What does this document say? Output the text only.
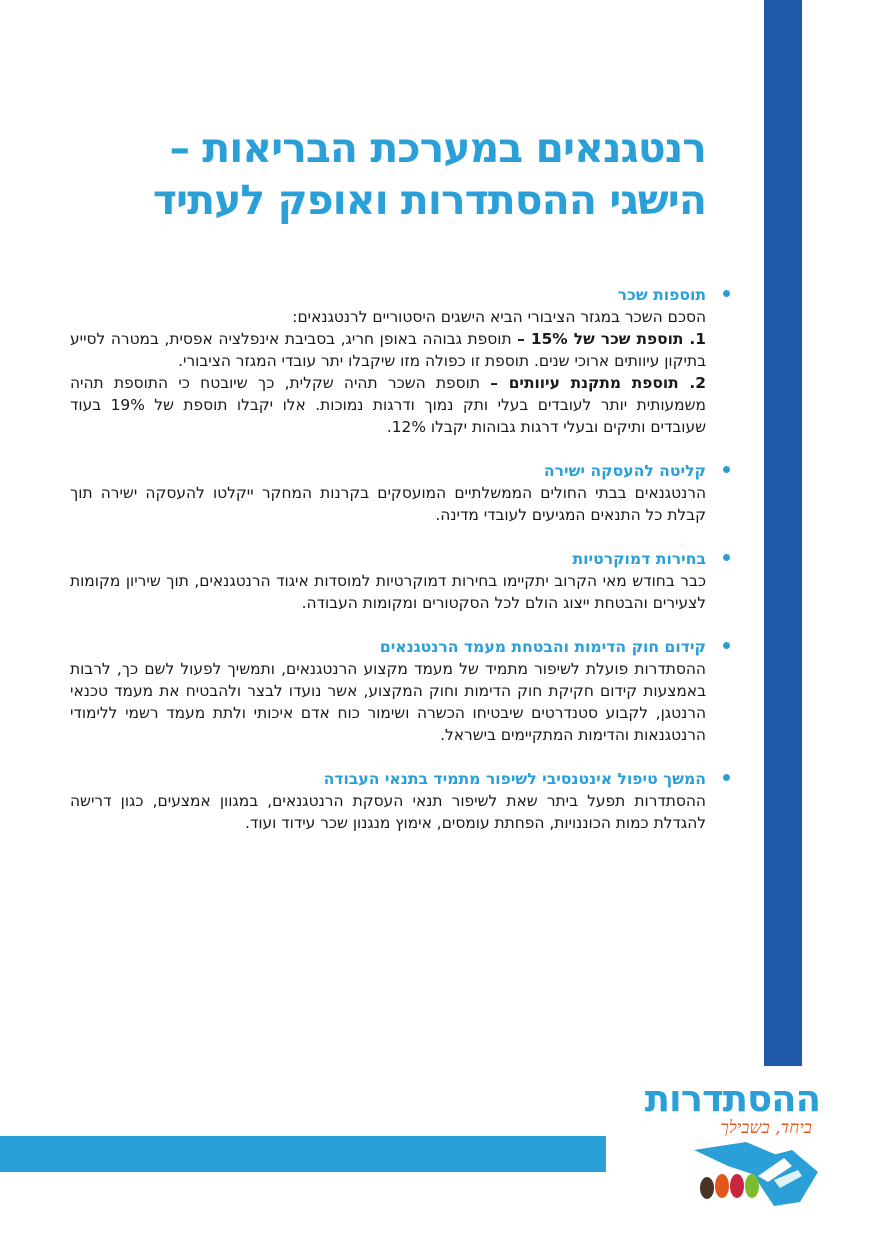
רנטגנאים במערכת הבריאות –
הישגי ההסתדרות ואופק לעתיד
תוספות שכר

הסכם השכר במגזר הציבורי הביא הישגים היסטוריים לרנטגנאים:

1. תוספת שכר של 15% – תוספת גבוהה באופן חריג, בסביבת אינפלציה אפסית, במטרה לסייע בתיקון עיוותים ארוכי שנים. תוספת זו כפולה מזו שיקבלו יתר עובדי המגזר הציבורי.

2. תוספת מתקנת עיוותים – תוספת השכר תהיה שקלית, כך שיובטח כי התוספת תהיה משמעותית יותר לעובדים בעלי ותק נמוך ודרגות נמוכות. אלו יקבלו תוספת של 19% בעוד שעובדים ותיקים ובעלי דרגות גבוהות יקבלו 12%.

קליטה להעסקה ישירה

הרנטגנאים בבתי החולים הממשלתיים המועסקים בקרנות המחקר ייקלטו להעסקה ישירה תוך קבלת כל התנאים המגיעים לעובדי מדינה.

בחירות דמוקרטיות

כבר בחודש מאי הקרוב יתקיימו בחירות דמוקרטיות למוסדות איגוד הרנטגנאים, תוך שיריון מקומות לצעירים והבטחת ייצוג הולם לכל הסקטורים ומקומות העבודה.

קידום חוק הדימות והבטחת מעמד הרנטגנאים

ההסתדרות פועלת לשיפור מתמיד של מעמד מקצוע הרנטגנאים, ותמשיך לפעול לשם כך, לרבות באמצעות קידום חקיקת חוק הדימות וחוק המקצוע, אשר נועדו לבצר ולהבטיח את מעמד טכנאי הרנטגן, לקבוע סטנדרטים שיבטיחו הכשרה ושימור כוח אדם איכותי ולתת מעמד רשמי ללימודי הרנטגנאות והדימות המתקיימים בישראל.

המשך טיפול אינטנסיבי לשיפור מתמיד בתנאי העבודה

ההסתדרות תפעל ביתר שאת לשיפור תנאי העסקת הרנטגנאים, במגוון אמצעים, כגון דרישה להגדלת כמות הכוננויות, הפחתת עומסים, אימוץ מנגנון שכר עידוד ועוד.

ההסתדרות
ביחד, בשבילך
